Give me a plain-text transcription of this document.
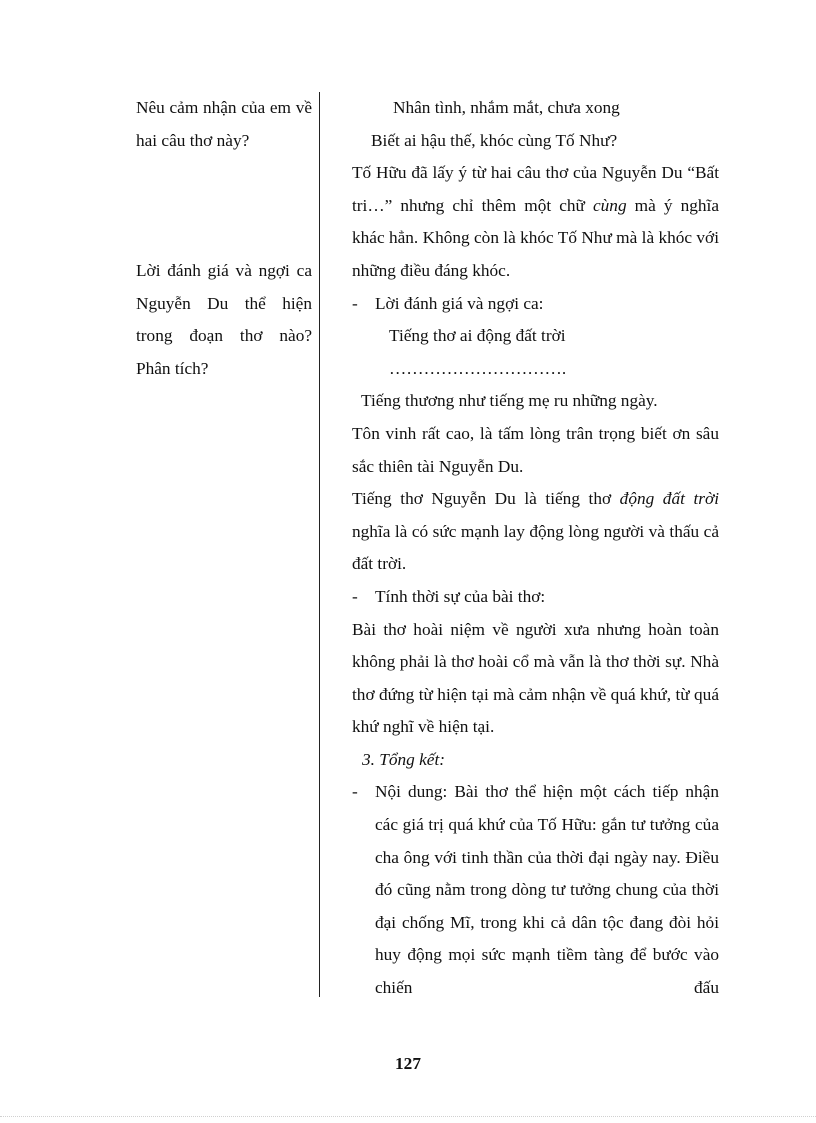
Nêu cảm nhận của em về hai câu thơ này?

Lời đánh giá và ngợi ca Nguyễn Du thể hiện trong đoạn thơ nào? Phân tích?

Nhân tình, nhắm mắt, chưa xong
Biết ai hậu thế, khóc cùng Tố Như?

Tố Hữu đã lấy ý từ hai câu thơ của Nguyễn Du “Bất tri…” nhưng chỉ thêm một chữ cùng mà ý nghĩa khác hẳn. Không còn là khóc Tố Như mà là khóc với những điều đáng khóc.

- Lời đánh giá và ngợi ca:
Tiếng thơ ai động đất trời
………………………….
Tiếng thương như tiếng mẹ ru những ngày.

Tôn vinh rất cao, là tấm lòng trân trọng biết ơn sâu sắc thiên tài Nguyễn Du.

Tiếng thơ Nguyễn Du là tiếng thơ động đất trời nghĩa là có sức mạnh lay động lòng người và thấu cả đất trời.

- Tính thời sự của bài thơ:

Bài thơ hoài niệm về người xưa nhưng hoàn toàn không phải là thơ hoài cổ mà vẫn là thơ thời sự. Nhà thơ đứng từ hiện tại mà cảm nhận về quá khứ, từ quá khứ nghĩ về hiện tại.

3. Tổng kết:
- Nội dung: Bài thơ thể hiện một cách tiếp nhận các giá trị quá khứ của Tố Hữu: gắn tư tưởng của cha ông với tinh thần của thời đại ngày nay. Điều đó cũng nằm trong dòng tư tưởng chung của thời đại chống Mĩ, trong khi cả dân tộc đang đòi hỏi huy động mọi sức mạnh tiềm tàng để bước vào chiến đấu
127
